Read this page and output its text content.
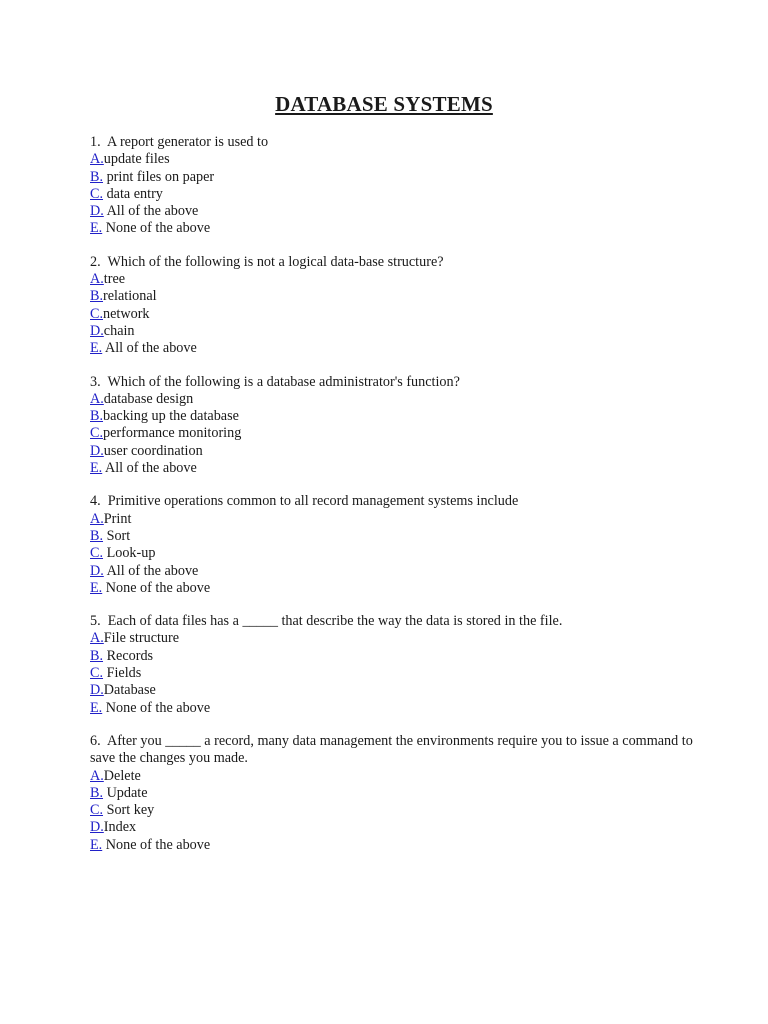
DATABASE SYSTEMS
1. A report generator is used to
A.update files
B. print files on paper
C. data entry
D. All of the above
E. None of the above
2. Which of the following is not a logical data-base structure?
A.tree
B.relational
C.network
D.chain
E. All of the above
3. Which of the following is a database administrator's function?
A.database design
B.backing up the database
C.performance monitoring
D.user coordination
E. All of the above
4. Primitive operations common to all record management systems include
A.Print
B. Sort
C. Look-up
D. All of the above
E. None of the above
5. Each of data files has a _____ that describe the way the data is stored in the file.
A.File structure
B. Records
C. Fields
D.Database
E. None of the above
6. After you _____ a record, many data management the environments require you to issue a command to save the changes you made.
A.Delete
B. Update
C. Sort key
D.Index
E. None of the above
